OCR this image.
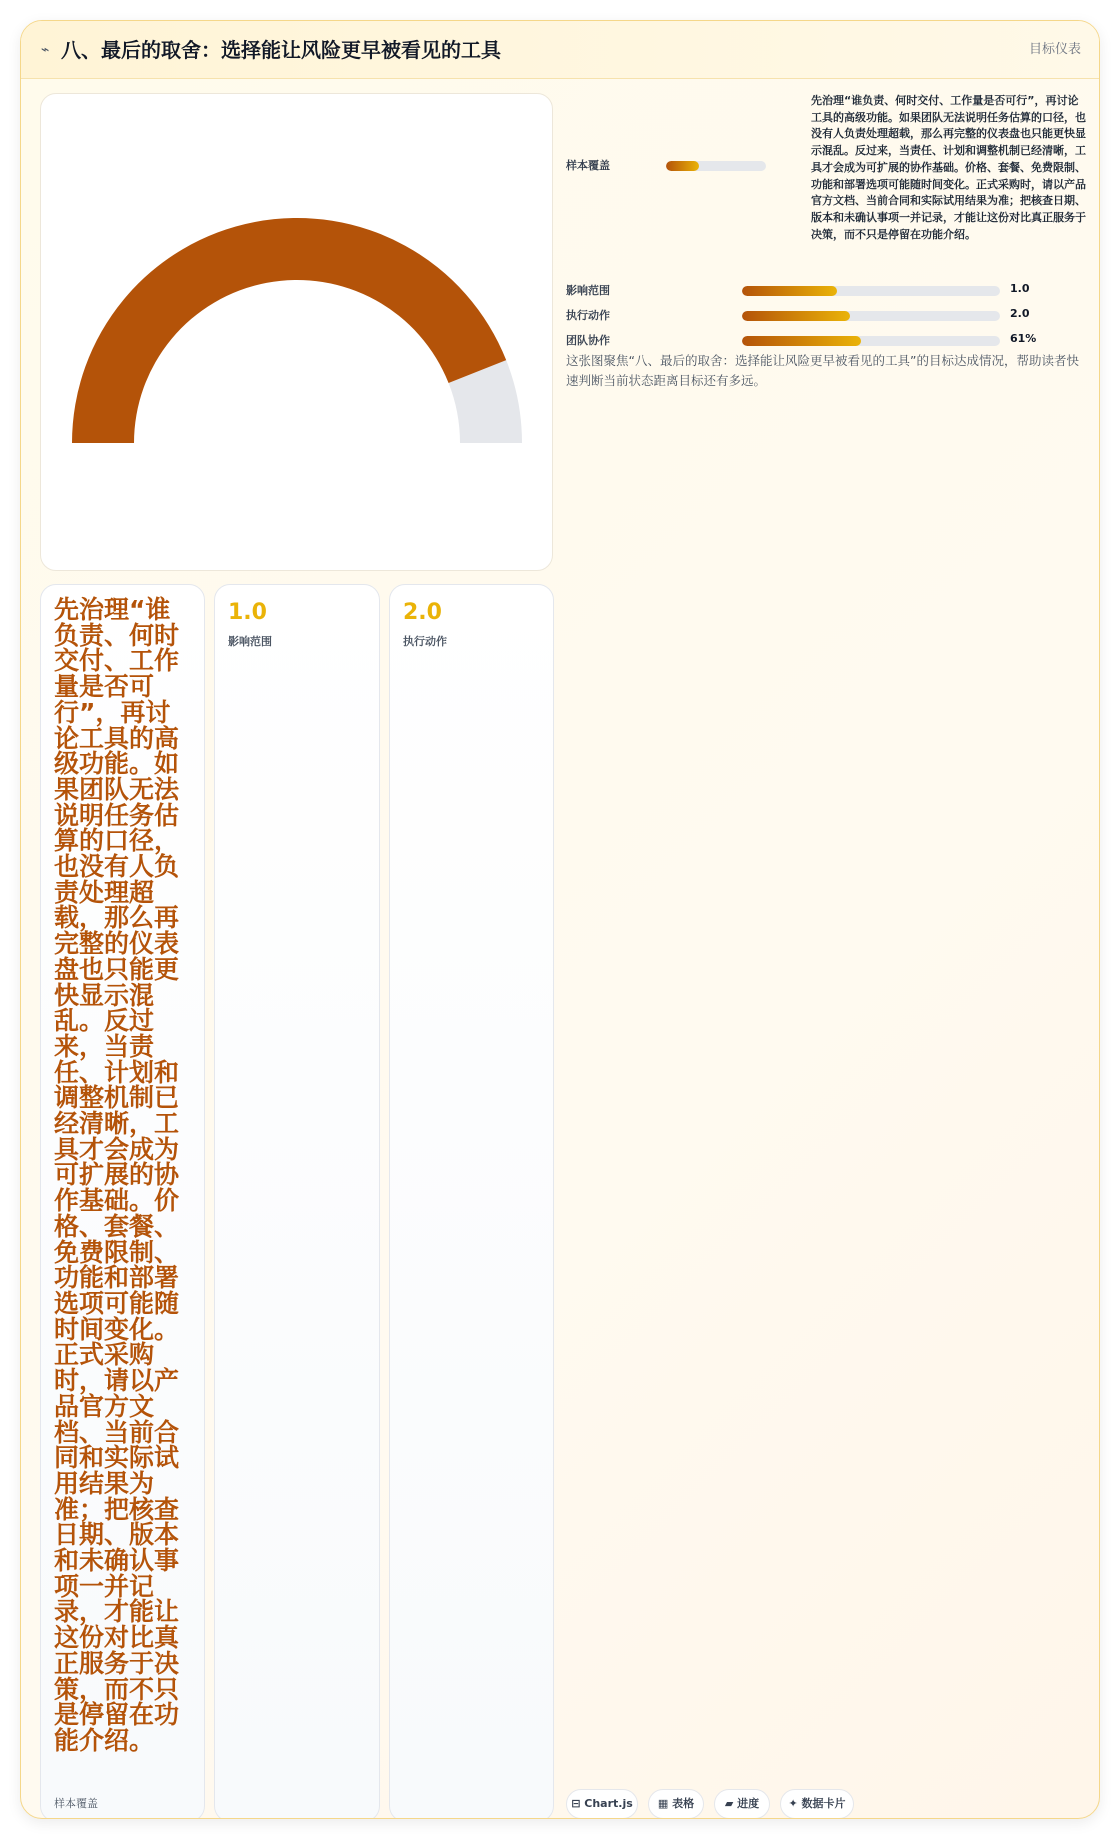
⌁ 八、最后的取舍：选择能让风险更早被看见的工具	目标仪表
样本覆盖
先治理“谁负责、何时交付、工作量是否可行”，再讨论工具的高级功能。如果团队无法说明任务估算的口径，也没有人负责处理超载，那么再完整的仪表盘也只能更快显示混乱。反过来，当责任、计划和调整机制已经清晰，工具才会成为可扩展的协作基础。价格、套餐、免费限制、功能和部署选项可能随时间变化。正式采购时，请以产品官方文档、当前合同和实际试用结果为准；把核查日期、版本和未确认事项一并记录，才能让这份对比真正服务于决策，而不只是停留在功能介绍。
影响范围	1.0
执行动作	2.0
团队协作	61%
这张图聚焦“八、最后的取舍：选择能让风险更早被看见的工具”的目标达成情况，帮助读者快速判断当前状态距离目标还有多远。
先治理“谁负责、何时交付、工作量是否可行”，再讨论工具的高级功能。如果团队无法说明任务估算的口径，也没有人负责处理超载，那么再完整的仪表盘也只能更快显示混乱。反过来，当责任、计划和调整机制已经清晰，工具才会成为可扩展的协作基础。价格、套餐、免费限制、功能和部署选项可能随时间变化。正式采购时，请以产品官方文档、当前合同和实际试用结果为准；把核查日期、版本和未确认事项一并记录，才能让这份对比真正服务于决策，而不只是停留在功能介绍。
样本覆盖
1.0
影响范围
2.0
执行动作
⊟ Chart.js	▦ 表格	▰ 进度	✦ 数据卡片
